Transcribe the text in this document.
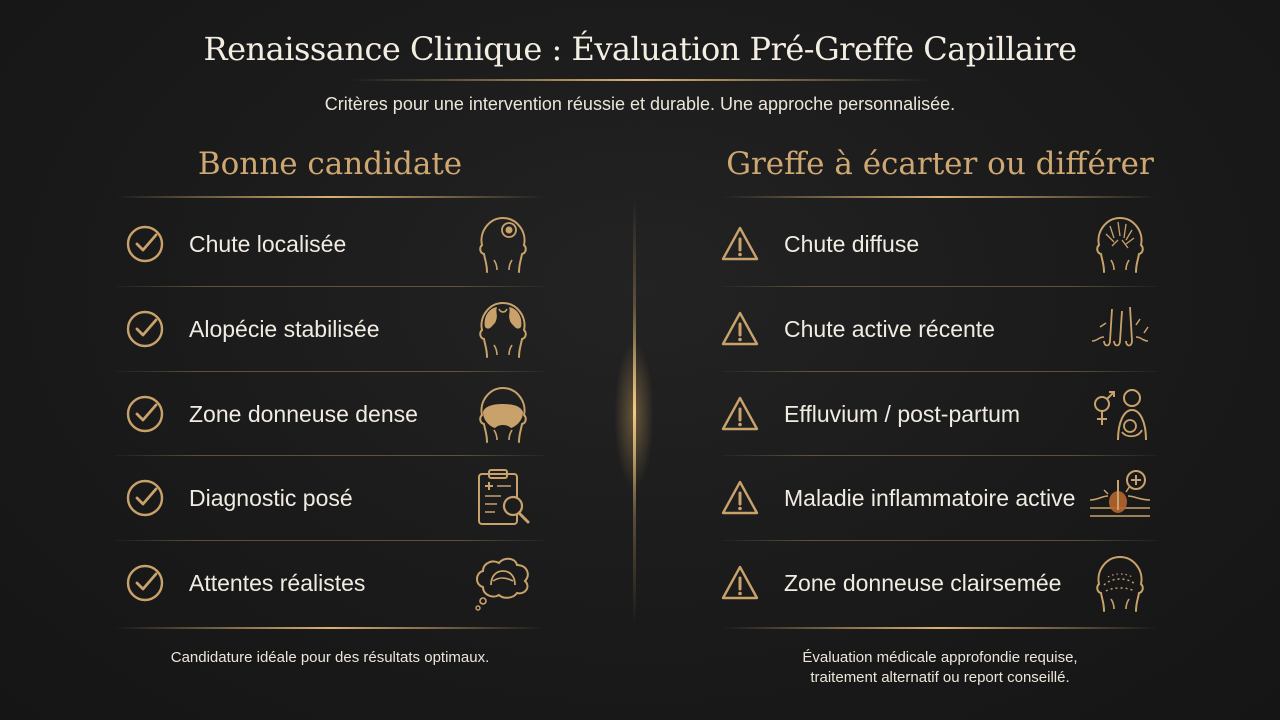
Renaissance Clinique : Évaluation Pré-Greffe Capillaire
Critères pour une intervention réussie et durable. Une approche personnalisée.
Bonne candidate
Chute localisée
Alopécie stabilisée
Zone donneuse dense
Diagnostic posé
Attentes réalistes
Candidature idéale pour des résultats optimaux.
Greffe à écarter ou différer
Chute diffuse
Chute active récente
Effluvium / post-partum
Maladie inflammatoire active
Zone donneuse clairsemée
Évaluation médicale approfondie requise,
traitement alternatif ou report conseillé.
